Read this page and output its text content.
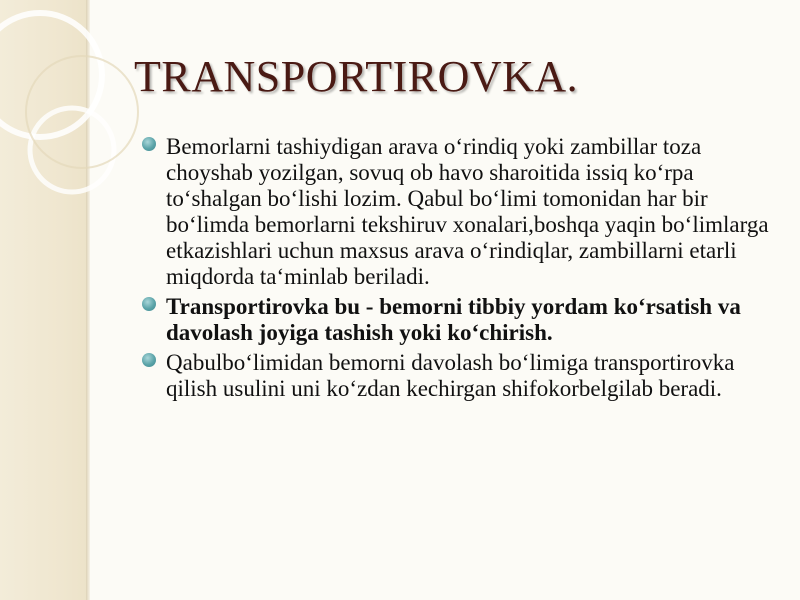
TRANSPORTIROVKA.
Bemorlarni tashiydigan arava o‘rindiq yoki zambillar toza choyshab yozilgan, sovuq ob havo sharoitida issiq ko‘rpa to‘shalgan bo‘lishi lozim. Qabul bo‘limi tomonidan har bir bo‘limda bemorlarni tekshiruv xonalari,boshqa yaqin bo‘limlarga etkazishlari uchun maxsus arava o‘rindiqlar, zambillarni etarli miqdorda ta‘minlab beriladi.
Transportirovka bu - bemorni tibbiy yordam ko‘rsatish va davolash joyiga tashish yoki ko‘chirish.
Qabulbo‘limidan bemorni davolash bo‘limiga transportirovka qilish usulini uni ko‘zdan kechirgan shifokorbelgilab beradi.
